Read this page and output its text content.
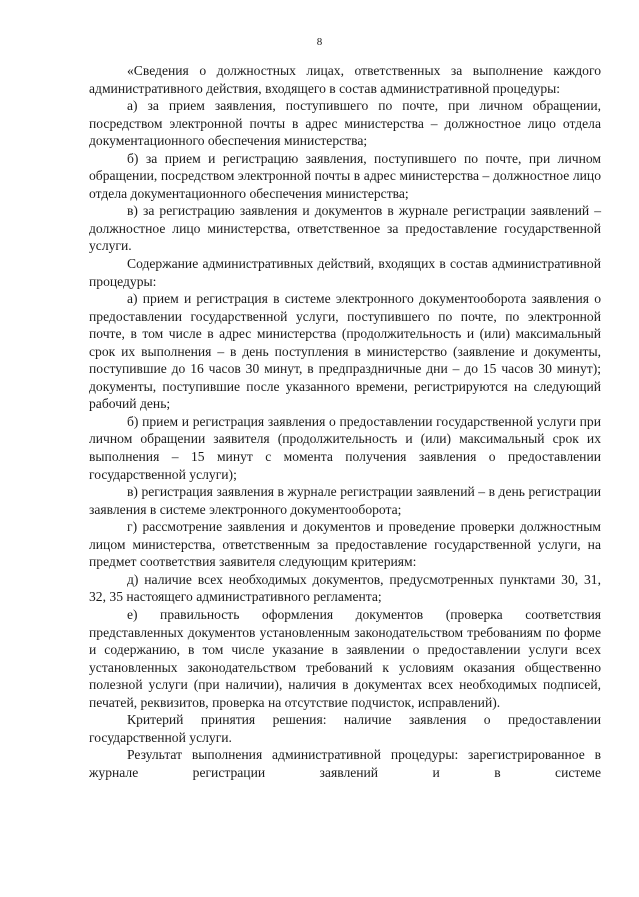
8

«Сведения о должностных лицах, ответственных за выполнение каждого административного действия, входящего в состав административной процедуры:

а) за прием заявления, поступившего по почте, при личном обращении, посредством электронной почты в адрес министерства – должностное лицо отдела документационного обеспечения министерства;

б) за прием и регистрацию заявления, поступившего по почте, при личном обращении, посредством электронной почты в адрес министерства – должностное лицо отдела документационного обеспечения министерства;

в) за регистрацию заявления и документов в журнале регистрации заявлений – должностное лицо министерства, ответственное за предоставление государственной услуги.

Содержание административных действий, входящих в состав административной процедуры:

а) прием и регистрация в системе электронного документооборота заявления о предоставлении государственной услуги, поступившего по почте, по электронной почте, в том числе в адрес министерства (продолжительность и (или) максимальный срок их выполнения – в день поступления в министерство (заявление и документы, поступившие до 16 часов 30 минут, в предпраздничные дни – до 15 часов 30 минут); документы, поступившие после указанного времени, регистрируются на следующий рабочий день;

б) прием и регистрация заявления о предоставлении государственной услуги при личном обращении заявителя (продолжительность и (или) максимальный срок их выполнения – 15 минут с момента получения заявления о предоставлении государственной услуги);

в) регистрация заявления в журнале регистрации заявлений – в день регистрации заявления в системе электронного документооборота;

г) рассмотрение заявления и документов и проведение проверки должностным лицом министерства, ответственным за предоставление государственной услуги, на предмет соответствия заявителя следующим критериям:

д) наличие всех необходимых документов, предусмотренных пунктами 30, 31, 32, 35 настоящего административного регламента;

е) правильность оформления документов (проверка соответствия представленных документов установленным законодательством требованиям по форме и содержанию, в том числе указание в заявлении о предоставлении услуги всех установленных законодательством требований к условиям оказания общественно полезной услуги (при наличии), наличия в документах всех необходимых подписей, печатей, реквизитов, проверка на отсутствие подчисток, исправлений).

Критерий принятия решения: наличие заявления о предоставлении государственной услуги.

Результат выполнения административной процедуры: зарегистрированное в журнале регистрации заявлений и в системе
